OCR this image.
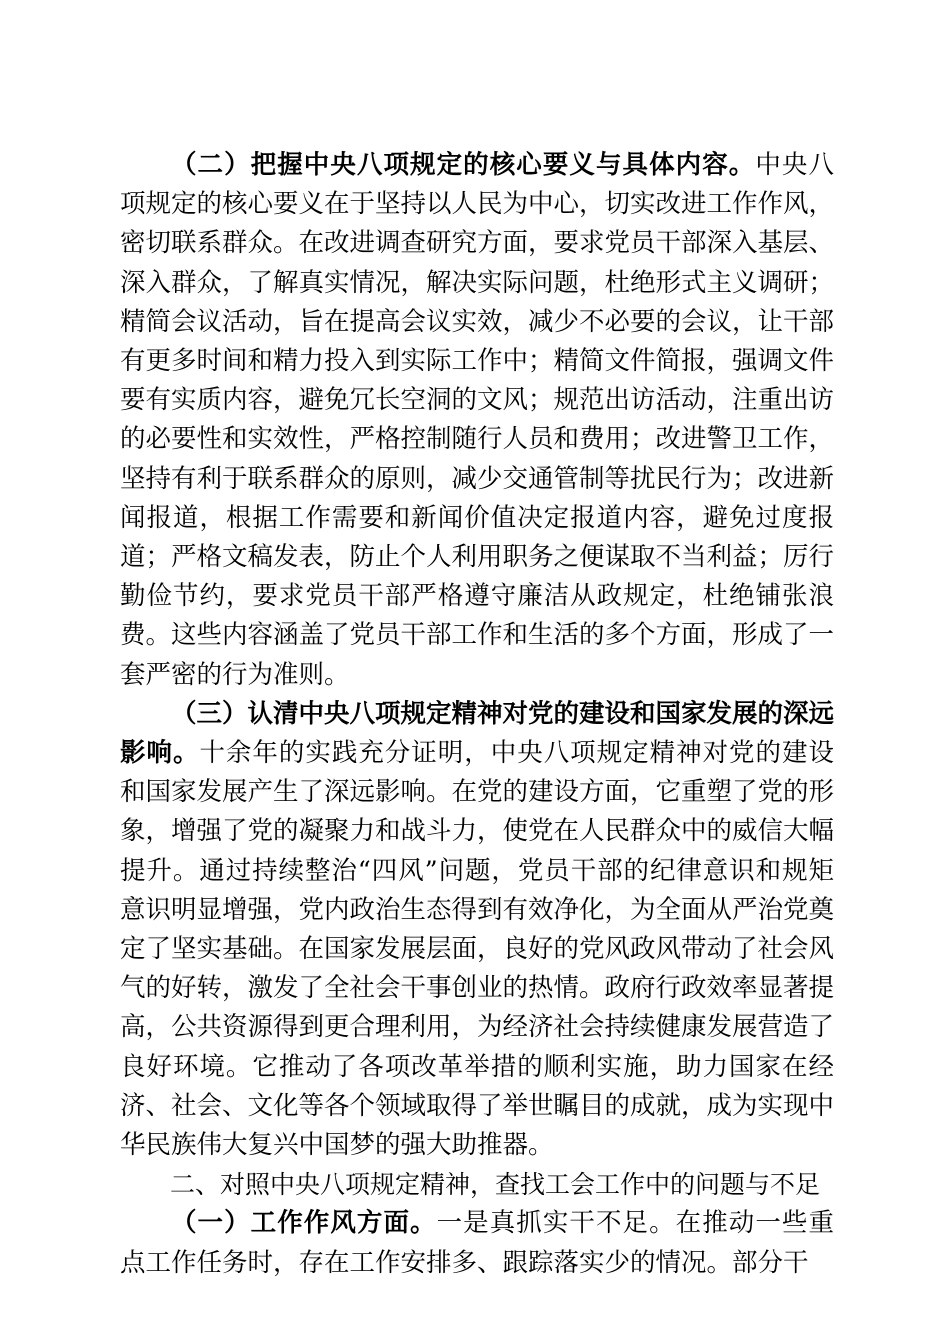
（二）把握中央八项规定的核心要义与具体内容。中央八项规定的核心要义在于坚持以人民为中心，切实改进工作作风，密切联系群众。在改进调查研究方面，要求党员干部深入基层、深入群众，了解真实情况，解决实际问题，杜绝形式主义调研；精简会议活动，旨在提高会议实效，减少不必要的会议，让干部有更多时间和精力投入到实际工作中；精简文件简报，强调文件要有实质内容，避免冗长空洞的文风；规范出访活动，注重出访的必要性和实效性，严格控制随行人员和费用；改进警卫工作，坚持有利于联系群众的原则，减少交通管制等扰民行为；改进新闻报道，根据工作需要和新闻价值决定报道内容，避免过度报道；严格文稿发表，防止个人利用职务之便谋取不当利益；厉行勤俭节约，要求党员干部严格遵守廉洁从政规定，杜绝铺张浪费。这些内容涵盖了党员干部工作和生活的多个方面，形成了一套严密的行为准则。

（三）认清中央八项规定精神对党的建设和国家发展的深远影响。十余年的实践充分证明，中央八项规定精神对党的建设和国家发展产生了深远影响。在党的建设方面，它重塑了党的形象，增强了党的凝聚力和战斗力，使党在人民群众中的威信大幅提升。通过持续整治“四风”问题，党员干部的纪律意识和规矩意识明显增强，党内政治生态得到有效净化，为全面从严治党奠定了坚实基础。在国家发展层面，良好的党风政风带动了社会风气的好转，激发了全社会干事创业的热情。政府行政效率显著提高，公共资源得到更合理利用，为经济社会持续健康发展营造了良好环境。它推动了各项改革举措的顺利实施，助力国家在经济、社会、文化等各个领域取得了举世瞩目的成就，成为实现中华民族伟大复兴中国梦的强大助推器。

二、对照中央八项规定精神，查找工会工作中的问题与不足

（一）工作作风方面。一是真抓实干不足。在推动一些重点工作任务时，存在工作安排多、跟踪落实少的情况。部分干
